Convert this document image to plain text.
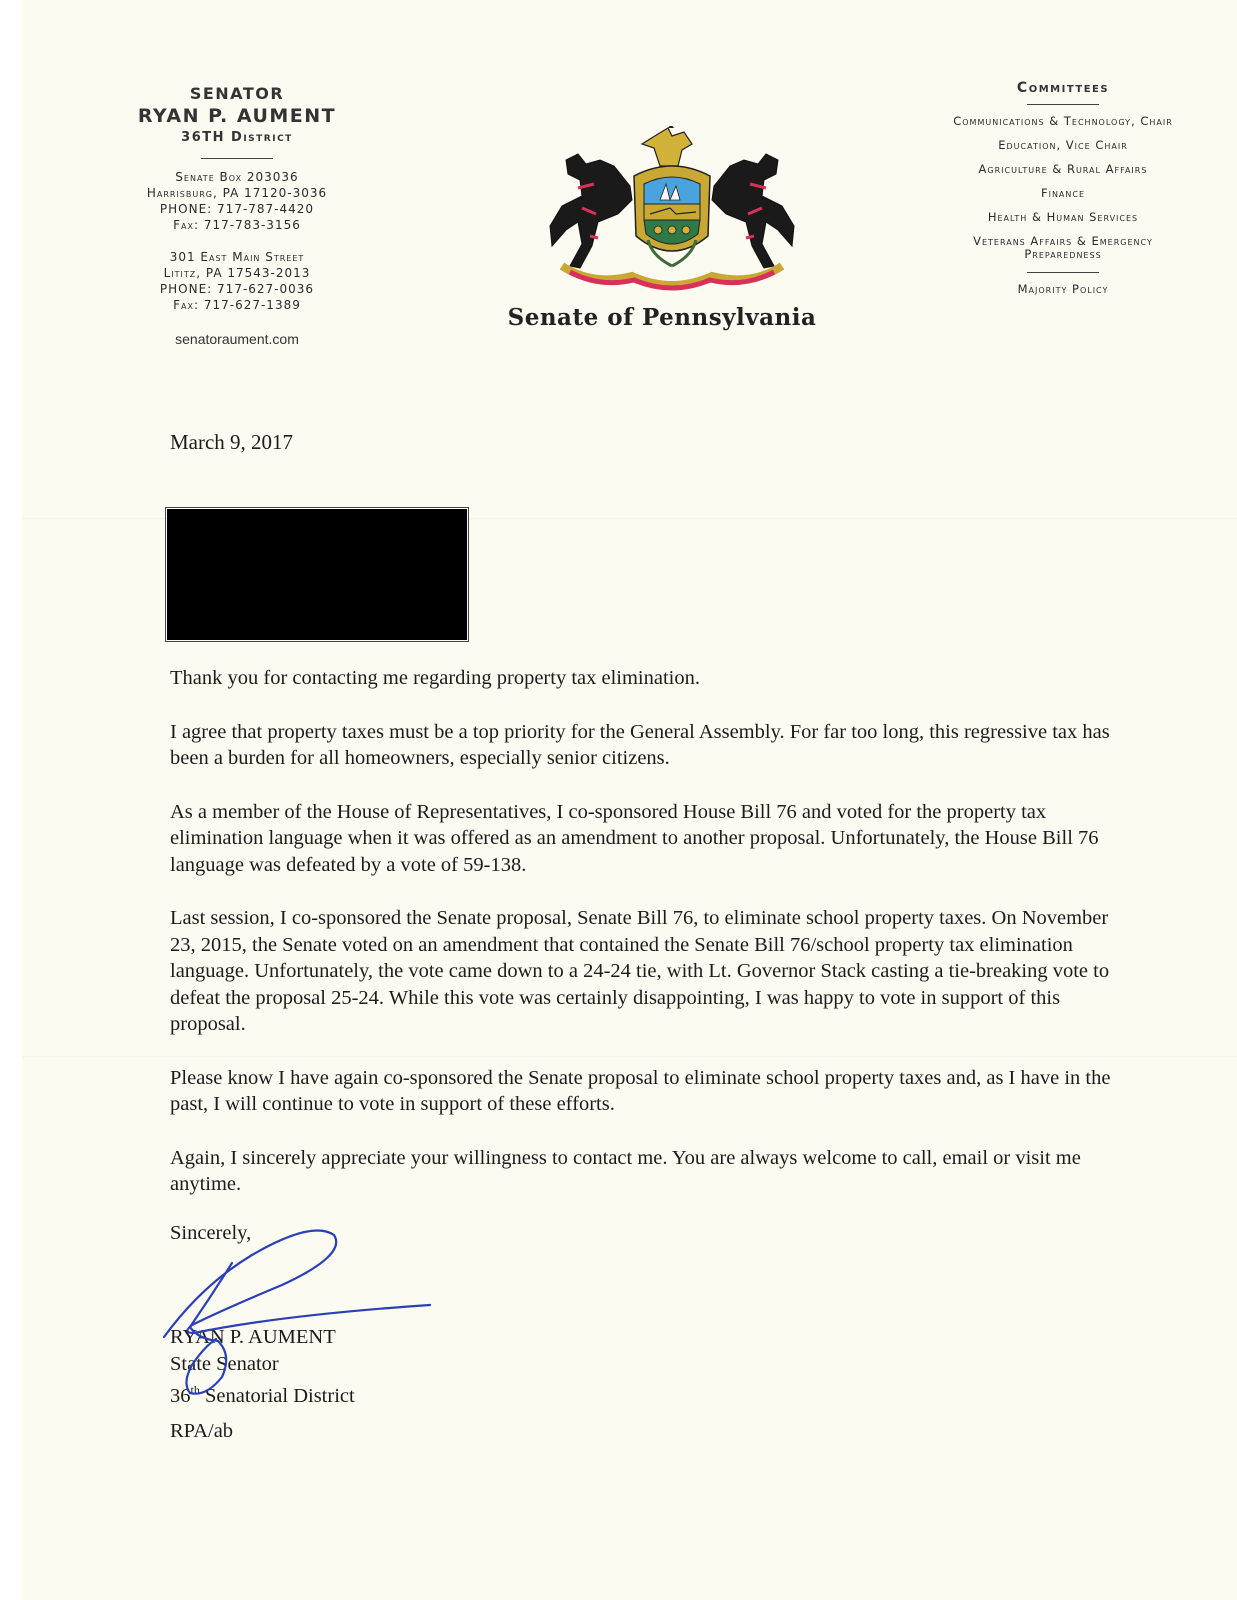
SENATOR
RYAN P. AUMENT
36TH District
Senate Box 203036
Harrisburg, PA 17120-3036
PHONE: 717-787-4420
Fax: 717-783-3156
301 East Main Street
Lititz, PA 17543-2013
PHONE: 717-627-0036
Fax: 717-627-1389
senatoraument.com
Senate of Pennsylvania
Committees
Communications & Technology, Chair
Education, Vice Chair
Agriculture & Rural Affairs
Finance
Health & Human Services
Veterans Affairs & Emergency Preparedness
Majority Policy
March 9, 2017

Thank you for contacting me regarding property tax elimination.

I agree that property taxes must be a top priority for the General Assembly. For far too long, this regressive tax has been a burden for all homeowners, especially senior citizens.

As a member of the House of Representatives, I co-sponsored House Bill 76 and voted for the property tax elimination language when it was offered as an amendment to another proposal. Unfortunately, the House Bill 76 language was defeated by a vote of 59-138.

Last session, I co-sponsored the Senate proposal, Senate Bill 76, to eliminate school property taxes. On November 23, 2015, the Senate voted on an amendment that contained the Senate Bill 76/school property tax elimination language. Unfortunately, the vote came down to a 24-24 tie, with Lt. Governor Stack casting a tie-breaking vote to defeat the proposal 25-24. While this vote was certainly disappointing, I was happy to vote in support of this proposal.

Please know I have again co-sponsored the Senate proposal to eliminate school property taxes and, as I have in the past, I will continue to vote in support of these efforts.

Again, I sincerely appreciate your willingness to contact me. You are always welcome to call, email or visit me anytime.

Sincerely,
RYAN P. AUMENT
State Senator
36th Senatorial District
RPA/ab
